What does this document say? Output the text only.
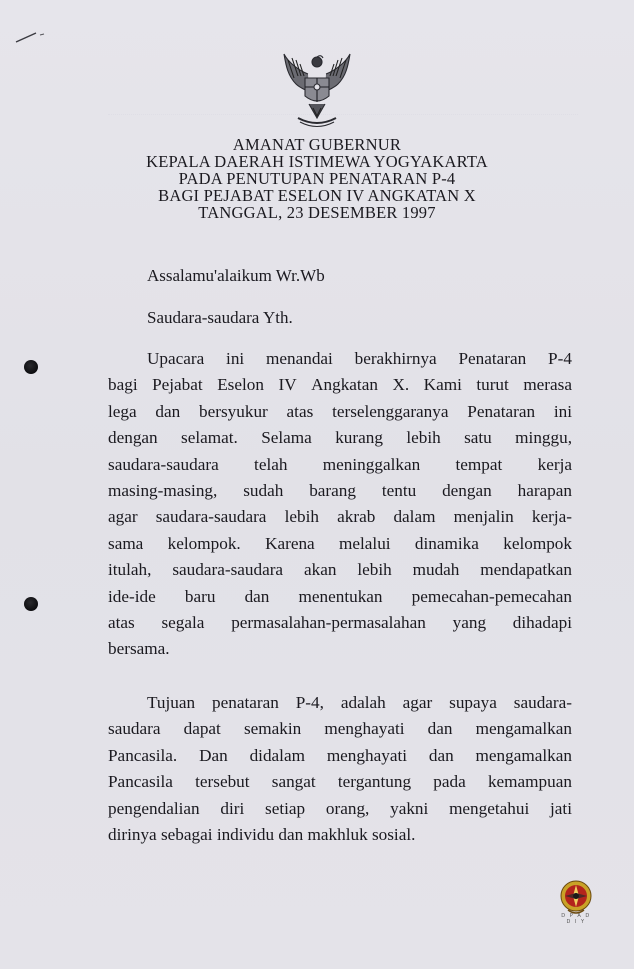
AMANAT GUBERNUR
KEPALA DAERAH ISTIMEWA YOGYAKARTA
PADA PENUTUPAN PENATARAN P-4
BAGI PEJABAT ESELON IV ANGKATAN X
TANGGAL, 23 DESEMBER 1997
Assalamu'alaikum Wr.Wb
Saudara-saudara Yth.
Upacara ini menandai berakhirnya Penataran P-4
bagi Pejabat Eselon IV Angkatan X. Kami turut merasa
lega dan bersyukur atas terselenggaranya Penataran ini
dengan selamat. Selama kurang lebih satu minggu,
saudara-saudara telah meninggalkan tempat kerja
masing-masing, sudah barang tentu dengan harapan
agar saudara-saudara lebih akrab dalam menjalin kerja-
sama kelompok. Karena melalui dinamika kelompok
itulah, saudara-saudara akan lebih mudah mendapatkan
ide-ide baru dan menentukan pemecahan-pemecahan
atas segala permasalahan-permasalahan yang dihadapi
bersama.
Tujuan penataran P-4, adalah agar supaya saudara-
saudara dapat semakin menghayati dan mengamalkan
Pancasila. Dan didalam menghayati dan mengamalkan
Pancasila tersebut sangat tergantung pada kemampuan
pengendalian diri setiap orang, yakni mengetahui jati
dirinya sebagai individu dan makhluk sosial.
D P A D
D I Y
